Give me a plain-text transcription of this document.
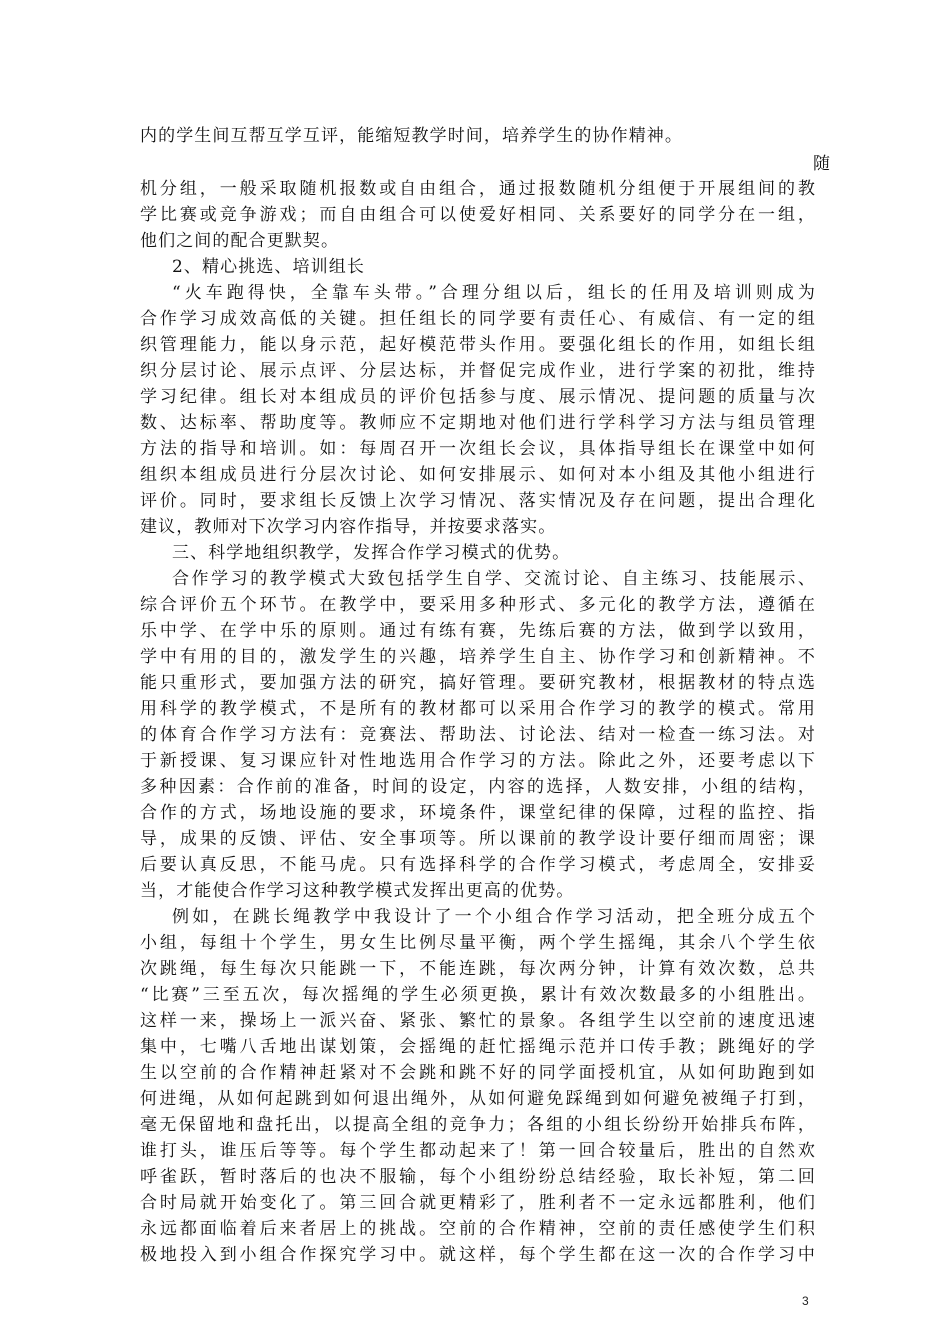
内的学生间互帮互学互评，能缩短教学时间，培养学生的协作精神。
随
机分组，一般采取随机报数或自由组合，通过报数随机分组便于开展组间的教
学比赛或竞争游戏；而自由组合可以使爱好相同、关系要好的同学分在一组，
他们之间的配合更默契。
2、精心挑选、培训组长
“火车跑得快，全靠车头带。”合理分组以后，组长的任用及培训则成为
合作学习成效高低的关键。担任组长的同学要有责任心、有威信、有一定的组
织管理能力，能以身示范，起好模范带头作用。要强化组长的作用，如组长组
织分层讨论、展示点评、分层达标，并督促完成作业，进行学案的初批，维持
学习纪律。组长对本组成员的评价包括参与度、展示情况、提问题的质量与次
数、达标率、帮助度等。教师应不定期地对他们进行学科学习方法与组员管理
方法的指导和培训。如：每周召开一次组长会议，具体指导组长在课堂中如何
组织本组成员进行分层次讨论、如何安排展示、如何对本小组及其他小组进行
评价。同时，要求组长反馈上次学习情况、落实情况及存在问题，提出合理化
建议，教师对下次学习内容作指导，并按要求落实。
三、科学地组织教学，发挥合作学习模式的优势。
合作学习的教学模式大致包括学生自学、交流讨论、自主练习、技能展示、
综合评价五个环节。在教学中，要采用多种形式、多元化的教学方法，遵循在
乐中学、在学中乐的原则。通过有练有赛，先练后赛的方法，做到学以致用，
学中有用的目的，激发学生的兴趣，培养学生自主、协作学习和创新精神。不
能只重形式，要加强方法的研究，搞好管理。要研究教材，根据教材的特点选
用科学的教学模式，不是所有的教材都可以采用合作学习的教学的模式。常用
的体育合作学习方法有：竞赛法、帮助法、讨论法、结对一检查一练习法。对
于新授课、复习课应针对性地选用合作学习的方法。除此之外，还要考虑以下
多种因素：合作前的准备，时间的设定，内容的选择，人数安排，小组的结构，
合作的方式，场地设施的要求，环境条件，课堂纪律的保障，过程的监控、指
导，成果的反馈、评估、安全事项等。所以课前的教学设计要仔细而周密；课
后要认真反思，不能马虎。只有选择科学的合作学习模式，考虑周全，安排妥
当，才能使合作学习这种教学模式发挥出更高的优势。
例如，在跳长绳教学中我设计了一个小组合作学习活动，把全班分成五个
小组，每组十个学生，男女生比例尽量平衡，两个学生摇绳，其余八个学生依
次跳绳，每生每次只能跳一下，不能连跳，每次两分钟，计算有效次数，总共
“比赛”三至五次，每次摇绳的学生必须更换，累计有效次数最多的小组胜出。
这样一来，操场上一派兴奋、紧张、繁忙的景象。各组学生以空前的速度迅速
集中，七嘴八舌地出谋划策，会摇绳的赶忙摇绳示范并口传手教；跳绳好的学
生以空前的合作精神赶紧对不会跳和跳不好的同学面授机宜，从如何助跑到如
何进绳，从如何起跳到如何退出绳外，从如何避免踩绳到如何避免被绳子打到，
毫无保留地和盘托出，以提高全组的竞争力；各组的小组长纷纷开始排兵布阵，
谁打头，谁压后等等。每个学生都动起来了！第一回合较量后，胜出的自然欢
呼雀跃，暂时落后的也决不服输，每个小组纷纷总结经验，取长补短，第二回
合时局就开始变化了。第三回合就更精彩了，胜利者不一定永远都胜利，他们
永远都面临着后来者居上的挑战。空前的合作精神，空前的责任感使学生们积
极地投入到小组合作探究学习中。就这样，每个学生都在这一次的合作学习中
3
